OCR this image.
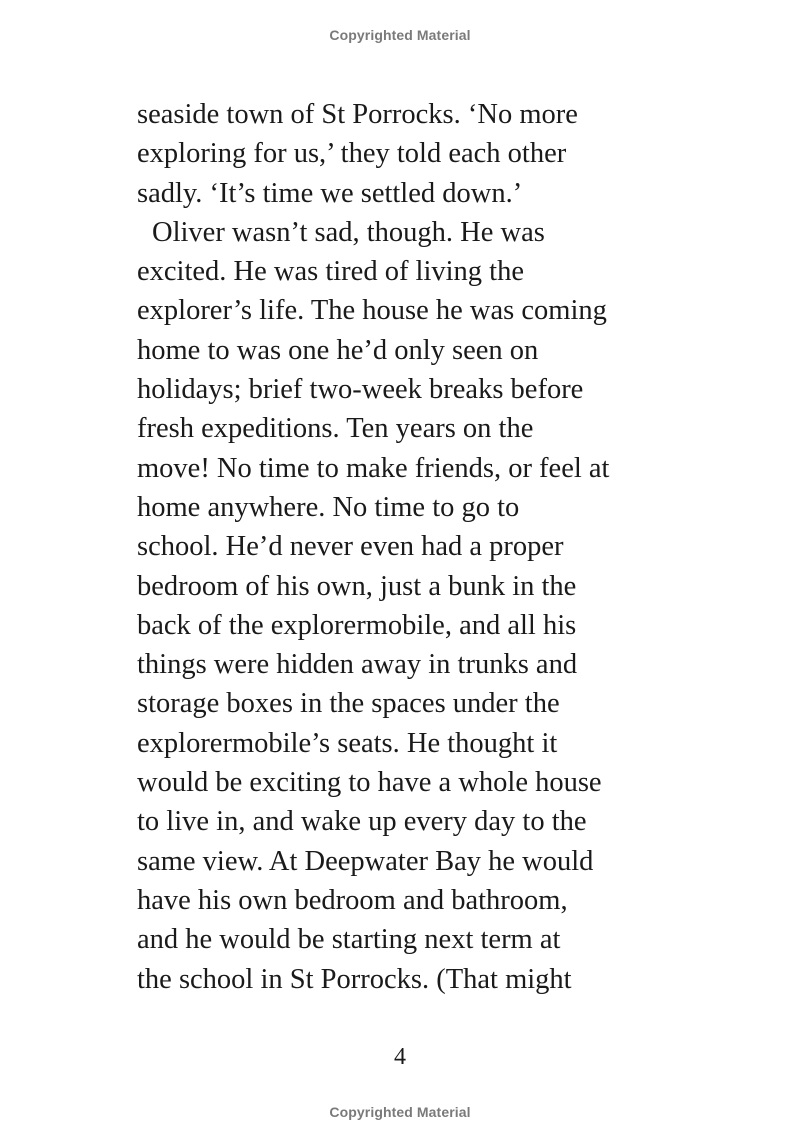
Copyrighted Material
seaside town of St Porrocks. ‘No more
exploring for us,’ they told each other
sadly. ‘It’s time we settled down.’
Oliver wasn’t sad, though. He was
excited. He was tired of living the
explorer’s life. The house he was coming
home to was one he’d only seen on
holidays; brief two-week breaks before
fresh expeditions. Ten years on the
move! No time to make friends, or feel at
home anywhere. No time to go to
school. He’d never even had a proper
bedroom of his own, just a bunk in the
back of the explorermobile, and all his
things were hidden away in trunks and
storage boxes in the spaces under the
explorermobile’s seats. He thought it
would be exciting to have a whole house
to live in, and wake up every day to the
same view. At Deepwater Bay he would
have his own bedroom and bathroom,
and he would be starting next term at
the school in St Porrocks. (That might
4
Copyrighted Material
